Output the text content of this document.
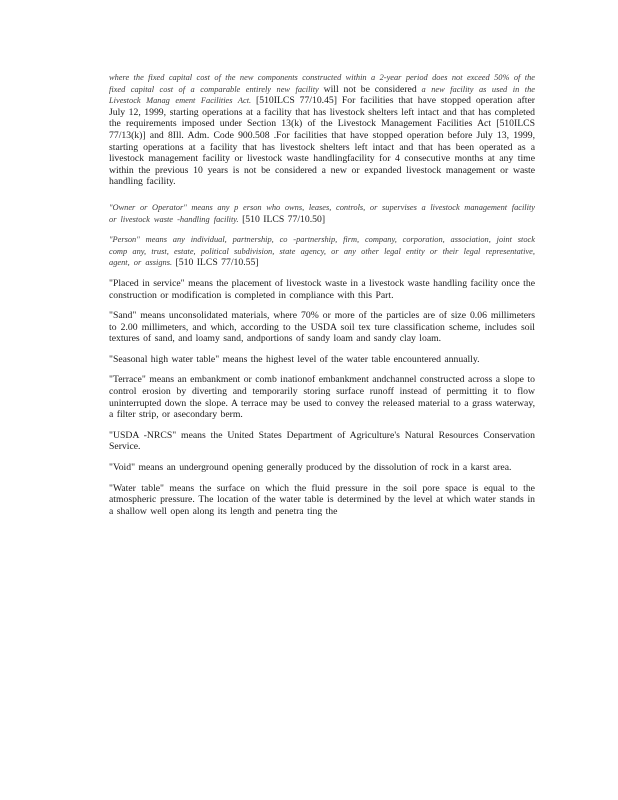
where the fixed capital cost of the new components constructed within a 2-year period does not exceed 50% of the fixed capital cost of a comparable entirely new facility will not be considered a new facility as used in the Livestock Manag ement Facilities Act. [510ILCS 77/10.45] For facilities that have stopped operation after July 12, 1999, starting operations at a facility that has livestock shelters left intact and that has completed the requirements imposed under Section 13(k) of the Livestock Management Facilities Act [510ILCS 77/13(k)] and 8Ill. Adm. Code 900.508 .For facilities that have stopped operation before July 13, 1999, starting operations at a facility that has livestock shelters left intact and that has been operated as a livestock management facility or livestock waste handlingfacility for 4 consecutive months at any time within the previous 10 years is not be considered a new or expanded livestock management or waste handling facility.

"Owner or Operator" means any p erson who owns, leases, controls, or supervises a livestock management facility or livestock waste -handling facility. [510 ILCS 77/10.50]

"Person" means any individual, partnership, co -partnership, firm, company, corporation, association, joint stock comp any, trust, estate, political subdivision, state agency, or any other legal entity or their legal representative, agent, or assigns. [510 ILCS 77/10.55]

"Placed in service" means the placement of livestock waste in a livestock waste handling facility once the construction or modification is completed in compliance with this Part.

"Sand" means unconsolidated materials, where 70% or more of the particles are of size 0.06 millimeters to 2.00 millimeters, and which, according to the USDA soil tex ture classification scheme, includes soil textures of sand, and loamy sand, andportions of sandy loam and sandy clay loam.

"Seasonal high water table" means the highest level of the water table encountered annually.

"Terrace" means an embankment or comb inationof embankment andchannel constructed across a slope to control erosion by diverting and temporarily storing surface runoff instead of permitting it to flow uninterrupted down the slope. A terrace may be used to convey the released material to a grass waterway, a filter strip, or asecondary berm.

"USDA -NRCS" means the United States Department of Agriculture's Natural Resources Conservation Service.

"Void" means an underground opening generally produced by the dissolution of rock in a karst area.

"Water table" means the surface on which the fluid pressure in the soil pore space is equal to the atmospheric pressure. The location of the water table is determined by the level at which water stands in a shallow well open along its length and penetra ting the
